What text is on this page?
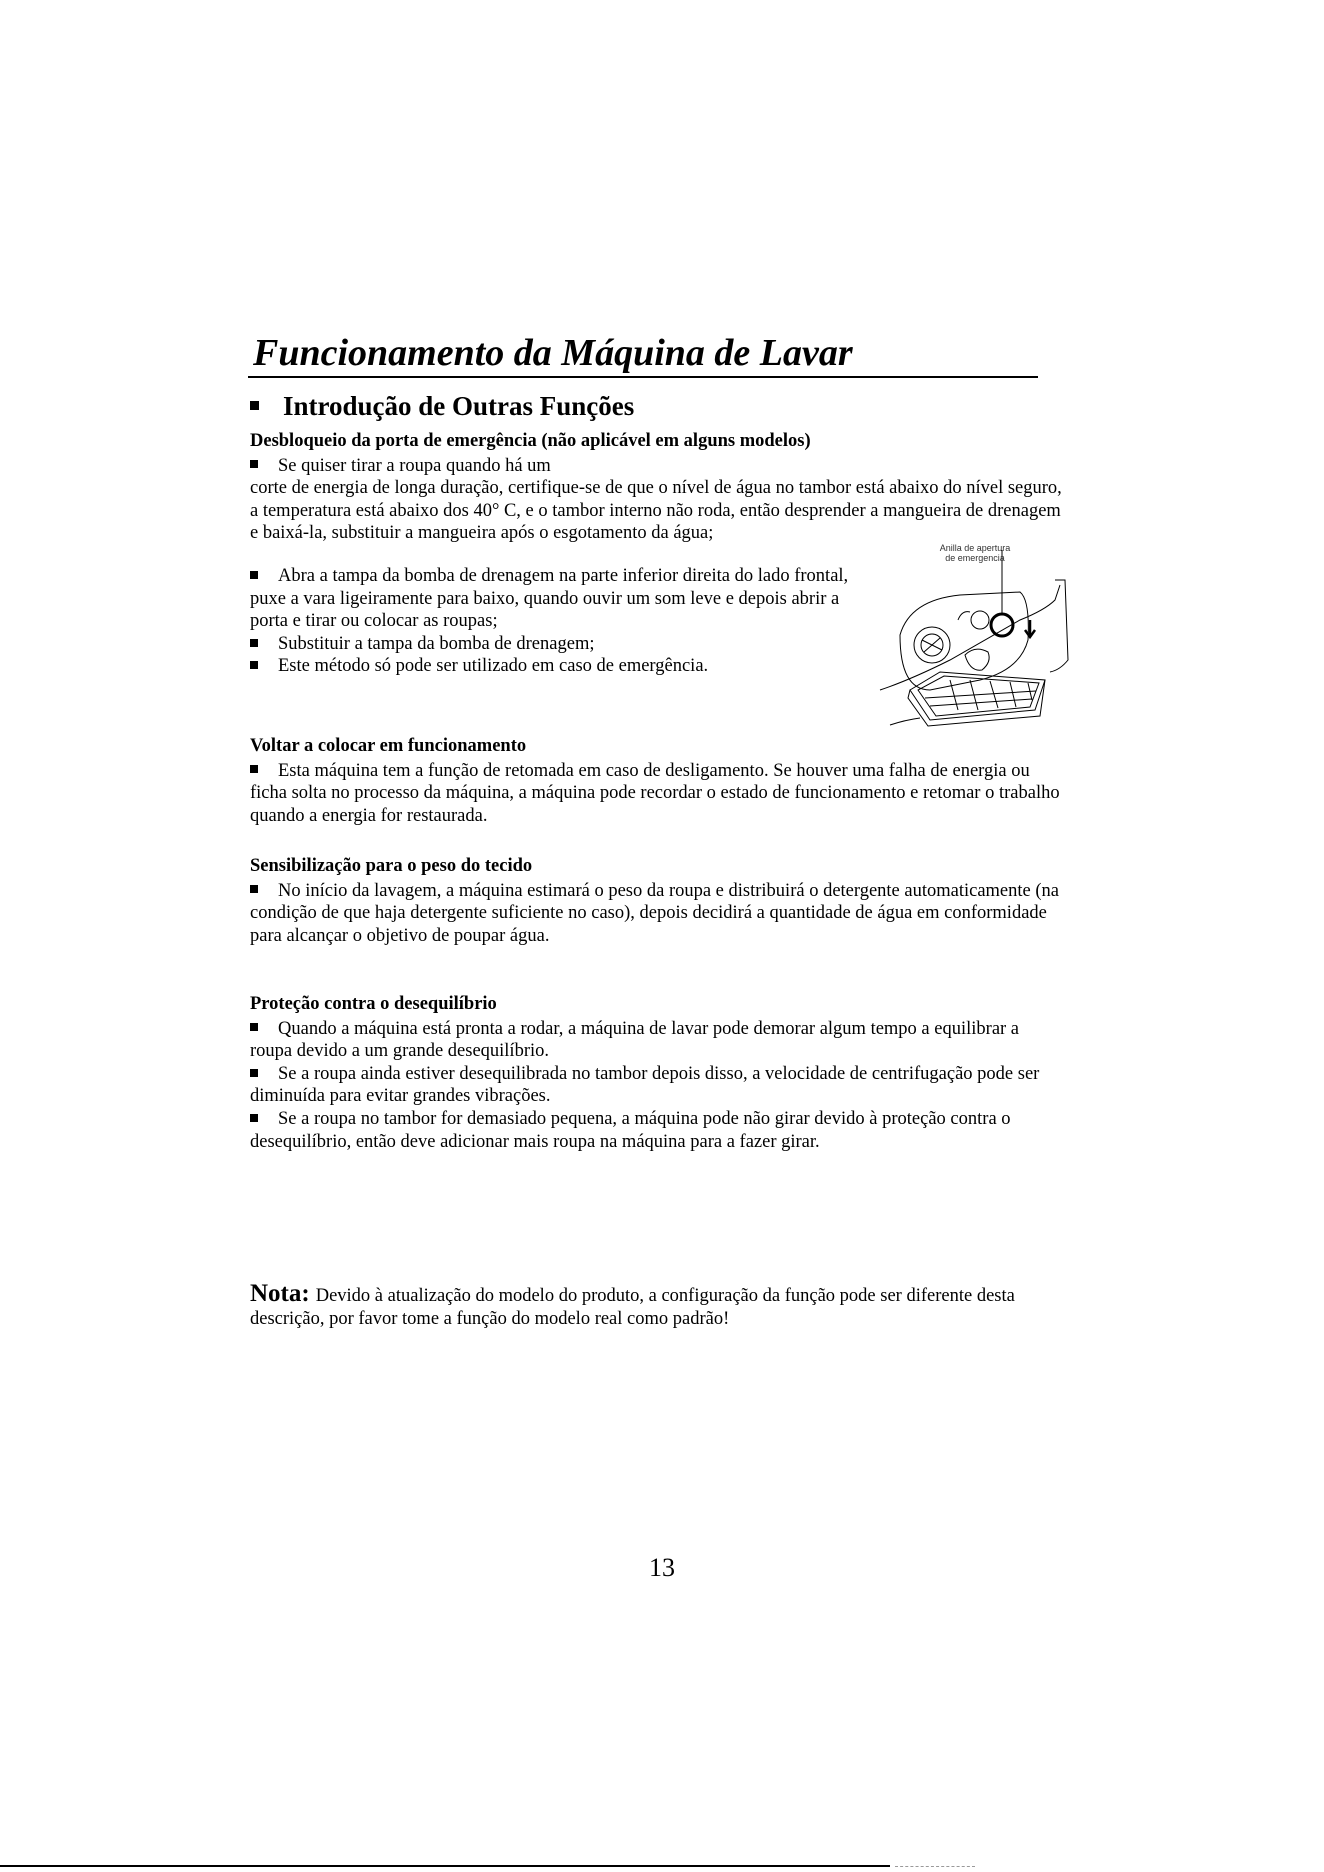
Funcionamento da Máquina de Lavar
Introdução de Outras Funções

Desbloqueio da porta de emergência (não aplicável em alguns modelos)

Se quiser tirar a roupa quando há um

corte de energia de longa duração, certifique-se de que o nível de água no tambor está abaixo do nível seguro, a temperatura está abaixo dos 40° C, e o tambor interno não roda, então desprender a mangueira de drenagem e baixá-la, substituir a mangueira após o esgotamento da água;

Abra a tampa da bomba de drenagem na parte inferior direita do lado frontal, puxe a vara ligeiramente para baixo, quando ouvir um som leve e depois abrir a porta e tirar ou colocar as roupas;

Substituir a tampa da bomba de drenagem;

Este método só pode ser utilizado em caso de emergência.

Anilla de apertura
de emergencia

Voltar a colocar em funcionamento

Esta máquina tem a função de retomada em caso de desligamento. Se houver uma falha de energia ou ficha solta no processo da máquina, a máquina pode recordar o estado de funcionamento e retomar o trabalho quando a energia for restaurada.

Sensibilização para o peso do tecido

No início da lavagem, a máquina estimará o peso da roupa e distribuirá o detergente automaticamente (na condição de que haja detergente suficiente no caso), depois decidirá a quantidade de água em conformidade para alcançar o objetivo de poupar água.

Proteção contra o desequilíbrio

Quando a máquina está pronta a rodar, a máquina de lavar pode demorar algum tempo a equilibrar a roupa devido a um grande desequilíbrio.

Se a roupa ainda estiver desequilibrada no tambor depois disso, a velocidade de centrifugação pode ser diminuída para evitar grandes vibrações.

Se a roupa no tambor for demasiado pequena, a máquina pode não girar devido à proteção contra o desequilíbrio, então deve adicionar mais roupa na máquina para a fazer girar.

Nota: Devido à atualização do modelo do produto, a configuração da função pode ser diferente desta descrição, por favor tome a função do modelo real como padrão!

13
